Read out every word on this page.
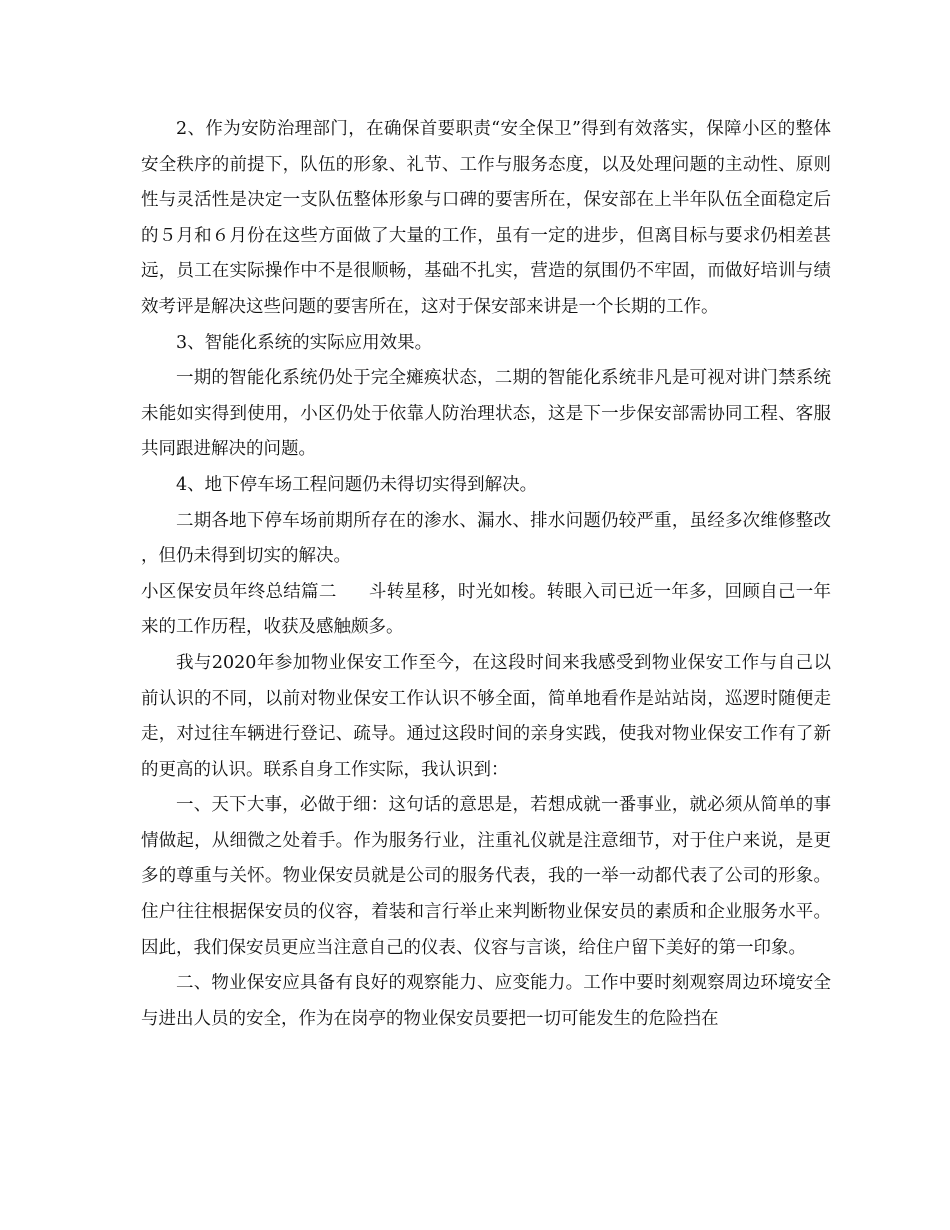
2、作为安防治理部门，在确保首要职责“安全保卫”得到有效落实，保障小区的整体安全秩序的前提下，队伍的形象、礼节、工作与服务态度，以及处理问题的主动性、原则性与灵活性是决定一支队伍整体形象与口碑的要害所在，保安部在上半年队伍全面稳定后的５月和６月份在这些方面做了大量的工作，虽有一定的进步，但离目标与要求仍相差甚远，员工在实际操作中不是很顺畅，基础不扎实，营造的氛围仍不牢固，而做好培训与绩效考评是解决这些问题的要害所在，这对于保安部来讲是一个长期的工作。

3、智能化系统的实际应用效果。

一期的智能化系统仍处于完全瘫痪状态，二期的智能化系统非凡是可视对讲门禁系统未能如实得到使用，小区仍处于依靠人防治理状态，这是下一步保安部需协同工程、客服共同跟进解决的问题。

4、地下停车场工程问题仍未得切实得到解决。

二期各地下停车场前期所存在的渗水、漏水、排水问题仍较严重，虽经多次维修整改，但仍未得到切实的解决。

小区保安员年终总结篇二 斗转星移，时光如梭。转眼入司已近一年多，回顾自己一年来的工作历程，收获及感触颇多。

我与2020年参加物业保安工作至今，在这段时间来我感受到物业保安工作与自己以前认识的不同，以前对物业保安工作认识不够全面，简单地看作是站站岗，巡逻时随便走走，对过往车辆进行登记、疏导。通过这段时间的亲身实践，使我对物业保安工作有了新的更高的认识。联系自身工作实际，我认识到：

一、天下大事，必做于细：这句话的意思是，若想成就一番事业，就必须从简单的事情做起，从细微之处着手。作为服务行业，注重礼仪就是注意细节，对于住户来说，是更多的尊重与关怀。物业保安员就是公司的服务代表，我的一举一动都代表了公司的形象。住户往往根据保安员的仪容，着装和言行举止来判断物业保安员的素质和企业服务水平。因此，我们保安员更应当注意自己的仪表、仪容与言谈，给住户留下美好的第一印象。

二、物业保安应具备有良好的观察能力、应变能力。工作中要时刻观察周边环境安全与进出人员的安全，作为在岗亭的物业保安员要把一切可能发生的危险挡在
